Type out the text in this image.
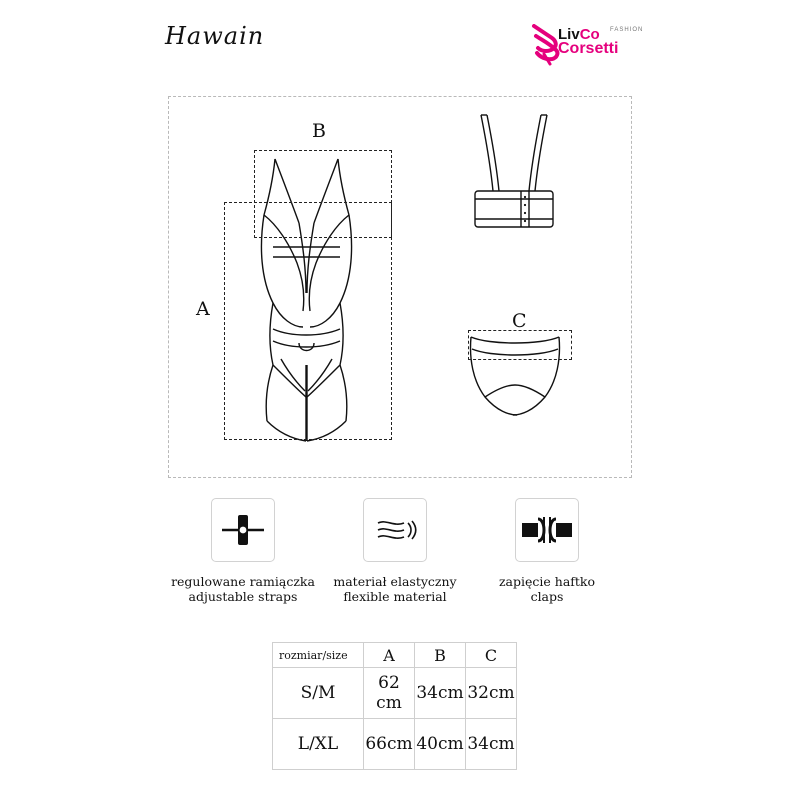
Hawain	LivCo FASHION
Corsetti
A
B
C
regulowane ramiączka
adjustable straps
materiał elastyczny
flexible material
zapięcie haftko
claps
rozmiar/size	A	B	C
S/M	62 cm	34cm	32cm
L/XL	66cm	40cm	34cm
